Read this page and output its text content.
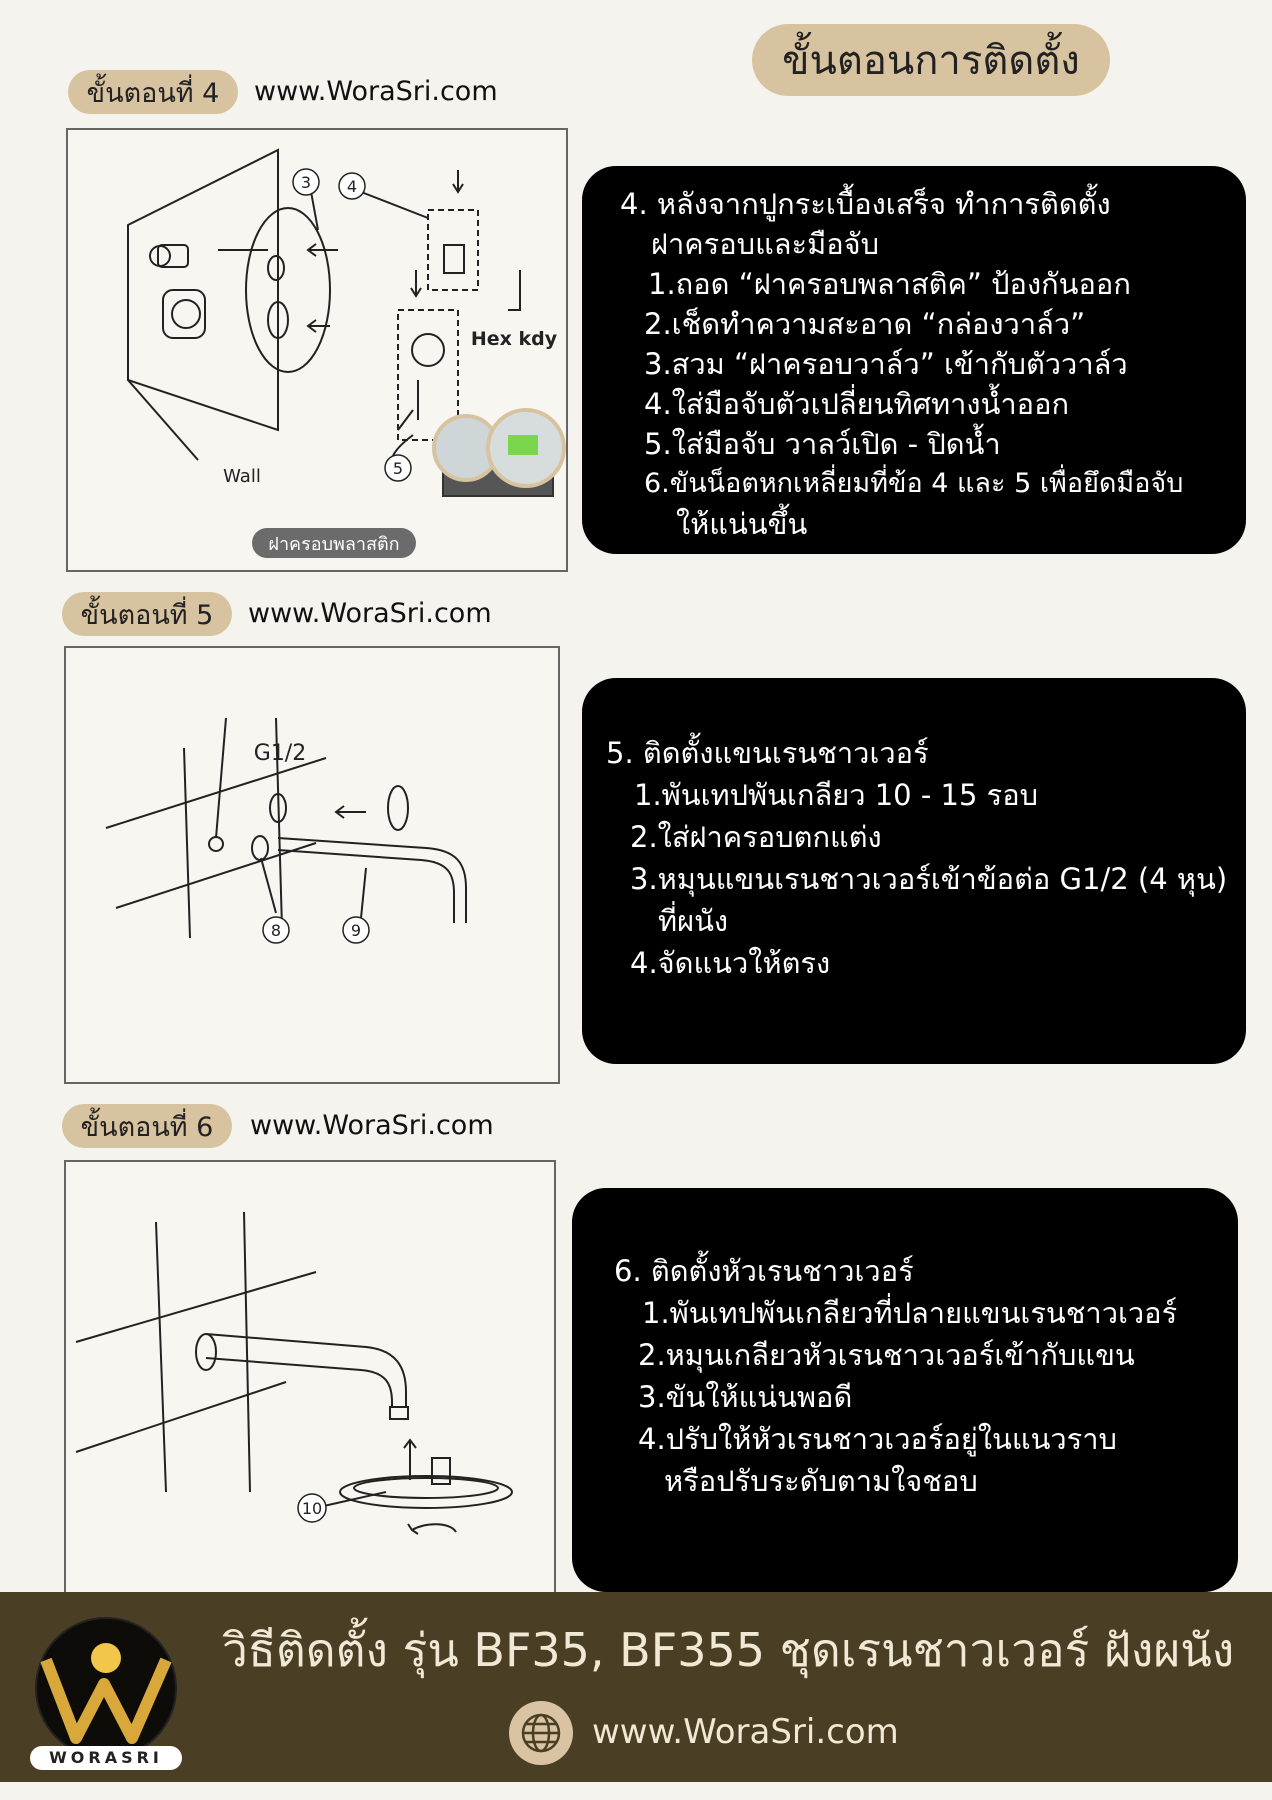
ขั้นตอนการติดตั้ง
ขั้นตอนที่ 4	www.WoraSri.com
3 4
5
Hex kdy
Wall
ฝาครอบพลาสติก
4. หลังจากปูกระเบื้องเสร็จ ทำการติดตั้ง
ฝาครอบและมือจับ
1.ถอด “ฝาครอบพลาสติค” ป้องกันออก
2.เช็ดทำความสะอาด “กล่องวาล์ว”
3.สวม “ฝาครอบวาล์ว” เข้ากับตัววาล์ว
4.ใส่มือจับตัวเปลี่ยนทิศทางน้ำออก
5.ใส่มือจับ วาลว์เปิด - ปิดน้ำ
6.ขันน็อตหกเหลี่ยมที่ข้อ 4 และ 5 เพื่อยึดมือจับ
ให้แน่นขึ้น
ขั้นตอนที่ 5	www.WoraSri.com
G1/2
8	9
5. ติดตั้งแขนเรนชาวเวอร์
1.พันเทปพันเกลียว 10 - 15 รอบ
2.ใส่ฝาครอบตกแต่ง
3.หมุนแขนเรนชาวเวอร์เข้าข้อต่อ G1/2 (4 หุน)
ที่ผนัง
4.จัดแนวให้ตรง
ขั้นตอนที่ 6	www.WoraSri.com
10
6. ติดตั้งหัวเรนชาวเวอร์
1.พันเทปพันเกลียวที่ปลายแขนเรนชาวเวอร์
2.หมุนเกลียวหัวเรนชาวเวอร์เข้ากับแขน
3.ขันให้แน่นพอดี
4.ปรับให้หัวเรนชาวเวอร์อยู่ในแนวราบ
หรือปรับระดับตามใจชอบ
WORASRI
วิธีติดตั้ง รุ่น BF35, BF355 ชุดเรนชาวเวอร์ ฝังผนัง
www.WoraSri.com
